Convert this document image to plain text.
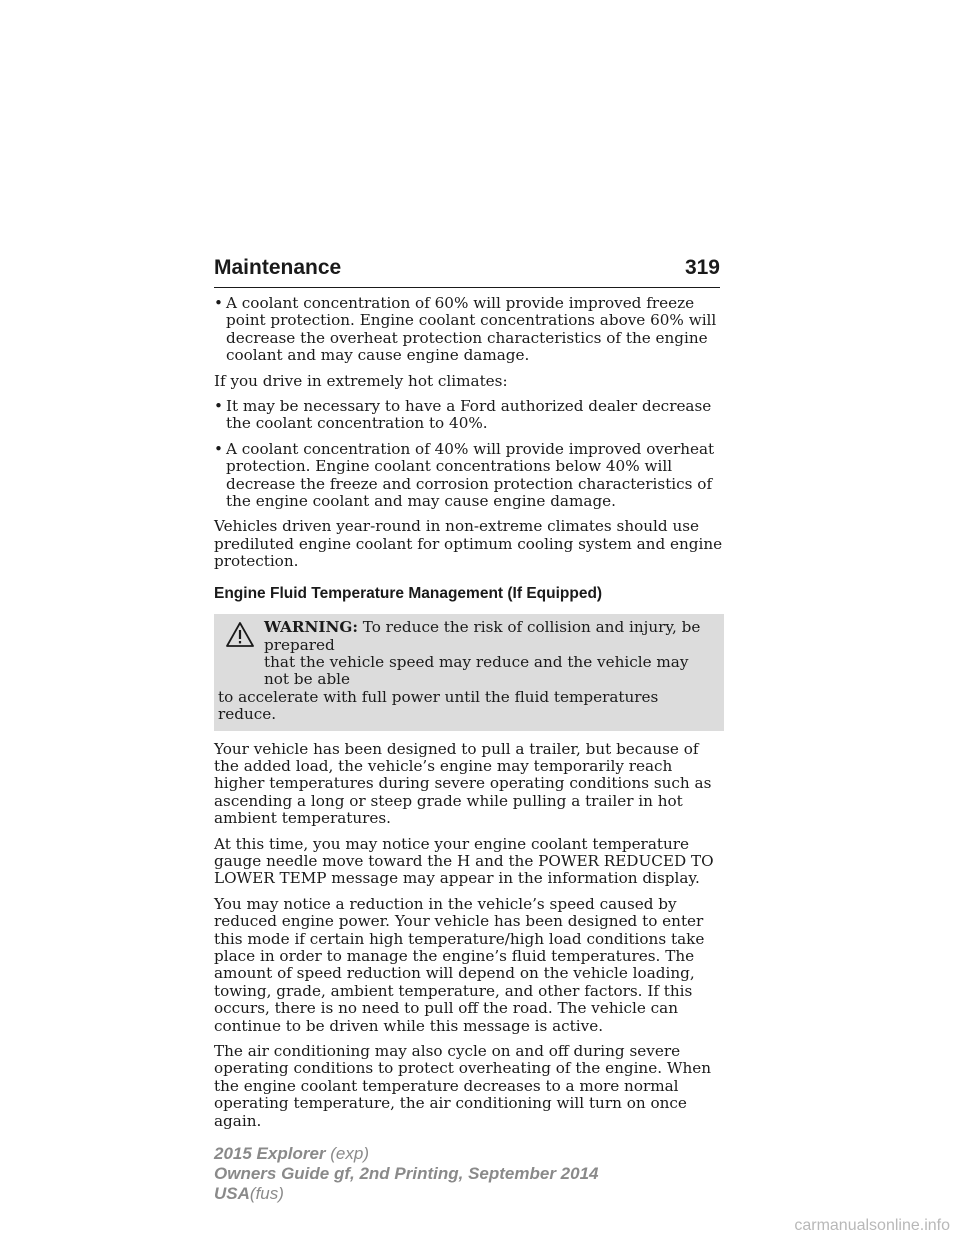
Maintenance	319
• A coolant concentration of 60% will provide improved freeze point protection. Engine coolant concentrations above 60% will decrease the overheat protection characteristics of the engine coolant and may cause engine damage.

If you drive in extremely hot climates:

• It may be necessary to have a Ford authorized dealer decrease the coolant concentration to 40%.
• A coolant concentration of 40% will provide improved overheat protection. Engine coolant concentrations below 40% will decrease the freeze and corrosion protection characteristics of the engine coolant and may cause engine damage.

Vehicles driven year-round in non-extreme climates should use prediluted engine coolant for optimum cooling system and engine protection.

Engine Fluid Temperature Management (If Equipped)
WARNING: To reduce the risk of collision and injury, be prepared
that the vehicle speed may reduce and the vehicle may not be able
to accelerate with full power until the fluid temperatures reduce.

Your vehicle has been designed to pull a trailer, but because of the added load, the vehicle’s engine may temporarily reach higher temperatures during severe operating conditions such as ascending a long or steep grade while pulling a trailer in hot ambient temperatures.

At this time, you may notice your engine coolant temperature gauge needle move toward the H and the POWER REDUCED TO LOWER TEMP message may appear in the information display.

You may notice a reduction in the vehicle’s speed caused by reduced engine power. Your vehicle has been designed to enter this mode if certain high temperature/high load conditions take place in order to manage the engine’s fluid temperatures. The amount of speed reduction will depend on the vehicle loading, towing, grade, ambient temperature, and other factors. If this occurs, there is no need to pull off the road. The vehicle can continue to be driven while this message is active.

The air conditioning may also cycle on and off during severe operating conditions to protect overheating of the engine. When the engine coolant temperature decreases to a more normal operating temperature, the air conditioning will turn on once again.

2015 Explorer (exp)
Owners Guide gf, 2nd Printing, September 2014
USA(fus)
carmanualsonline.info
